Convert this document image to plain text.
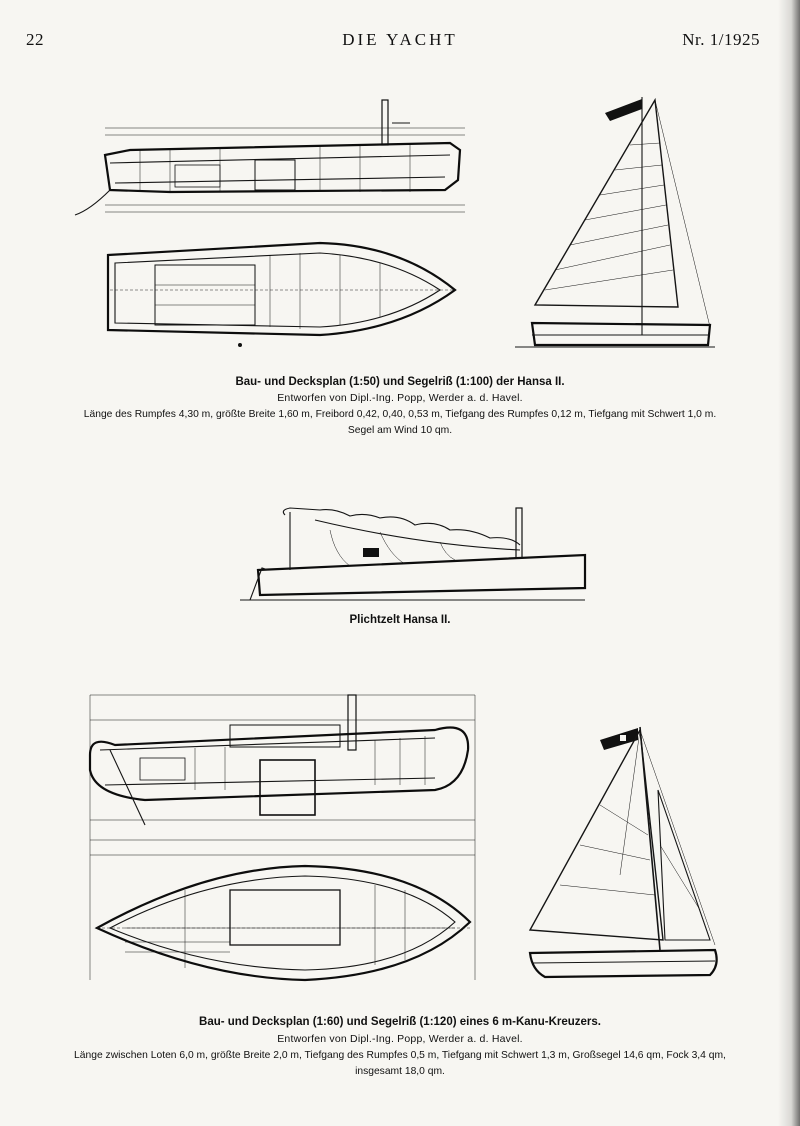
DIE YACHT
22	Nr. 1/1925
Bau- und Decksplan (1:50) und Segelriß (1:100) der Hansa II.
Entworfen von Dipl.-Ing. Popp, Werder a. d. Havel.
Länge des Rumpfes 4,30 m, größte Breite 1,60 m, Freibord 0,42, 0,40, 0,53 m, Tiefgang des Rumpfes 0,12 m, Tiefgang mit Schwert 1,0 m.
Segel am Wind 10 qm.
Plichtzelt Hansa II.
Bau- und Decksplan (1:60) und Segelriß (1:120) eines 6 m-Kanu-Kreuzers.
Entworfen von Dipl.-Ing. Popp, Werder a. d. Havel.
Länge zwischen Loten 6,0 m, größte Breite 2,0 m, Tiefgang des Rumpfes 0,5 m, Tiefgang mit Schwert 1,3 m, Großsegel 14,6 qm, Fock 3,4 qm,
insgesamt 18,0 qm.
